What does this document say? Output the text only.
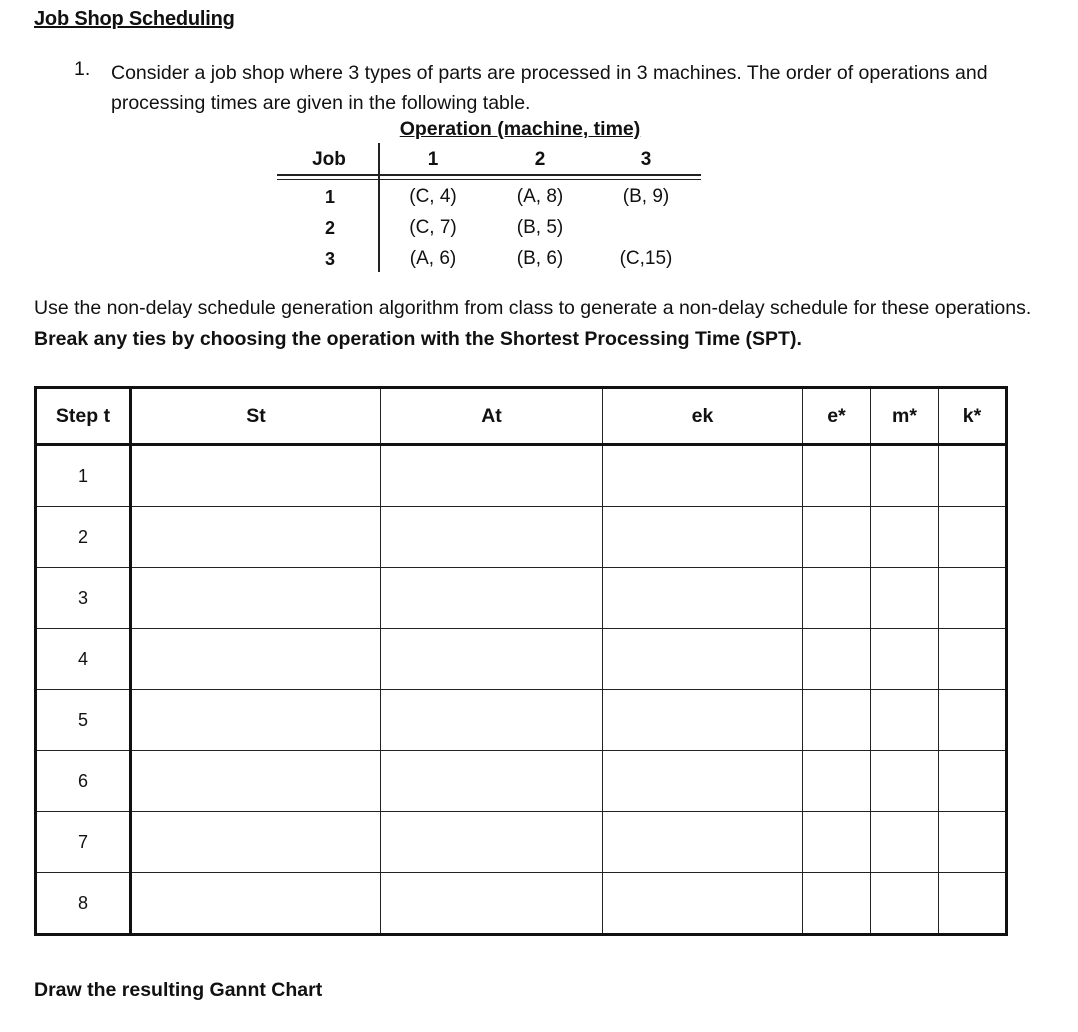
Job Shop Scheduling
1. Consider a job shop where 3 types of parts are processed in 3 machines. The order of operations and processing times are given in the following table.
Operation (machine, time)
Job	1	2	3
1	(C, 4)	(A, 8)	(B, 9)
2	(C, 7)	(B, 5)
3	(A, 6)	(B, 6)	(C,15)
Use the non-delay schedule generation algorithm from class to generate a non-delay schedule for these operations. Break any ties by choosing the operation with the Shortest Processing Time (SPT).
Step t	St	At	ek	e*	m*	k*
1						
2						
3						
4						
5						
6						
7						
8						
Draw the resulting Gannt Chart
